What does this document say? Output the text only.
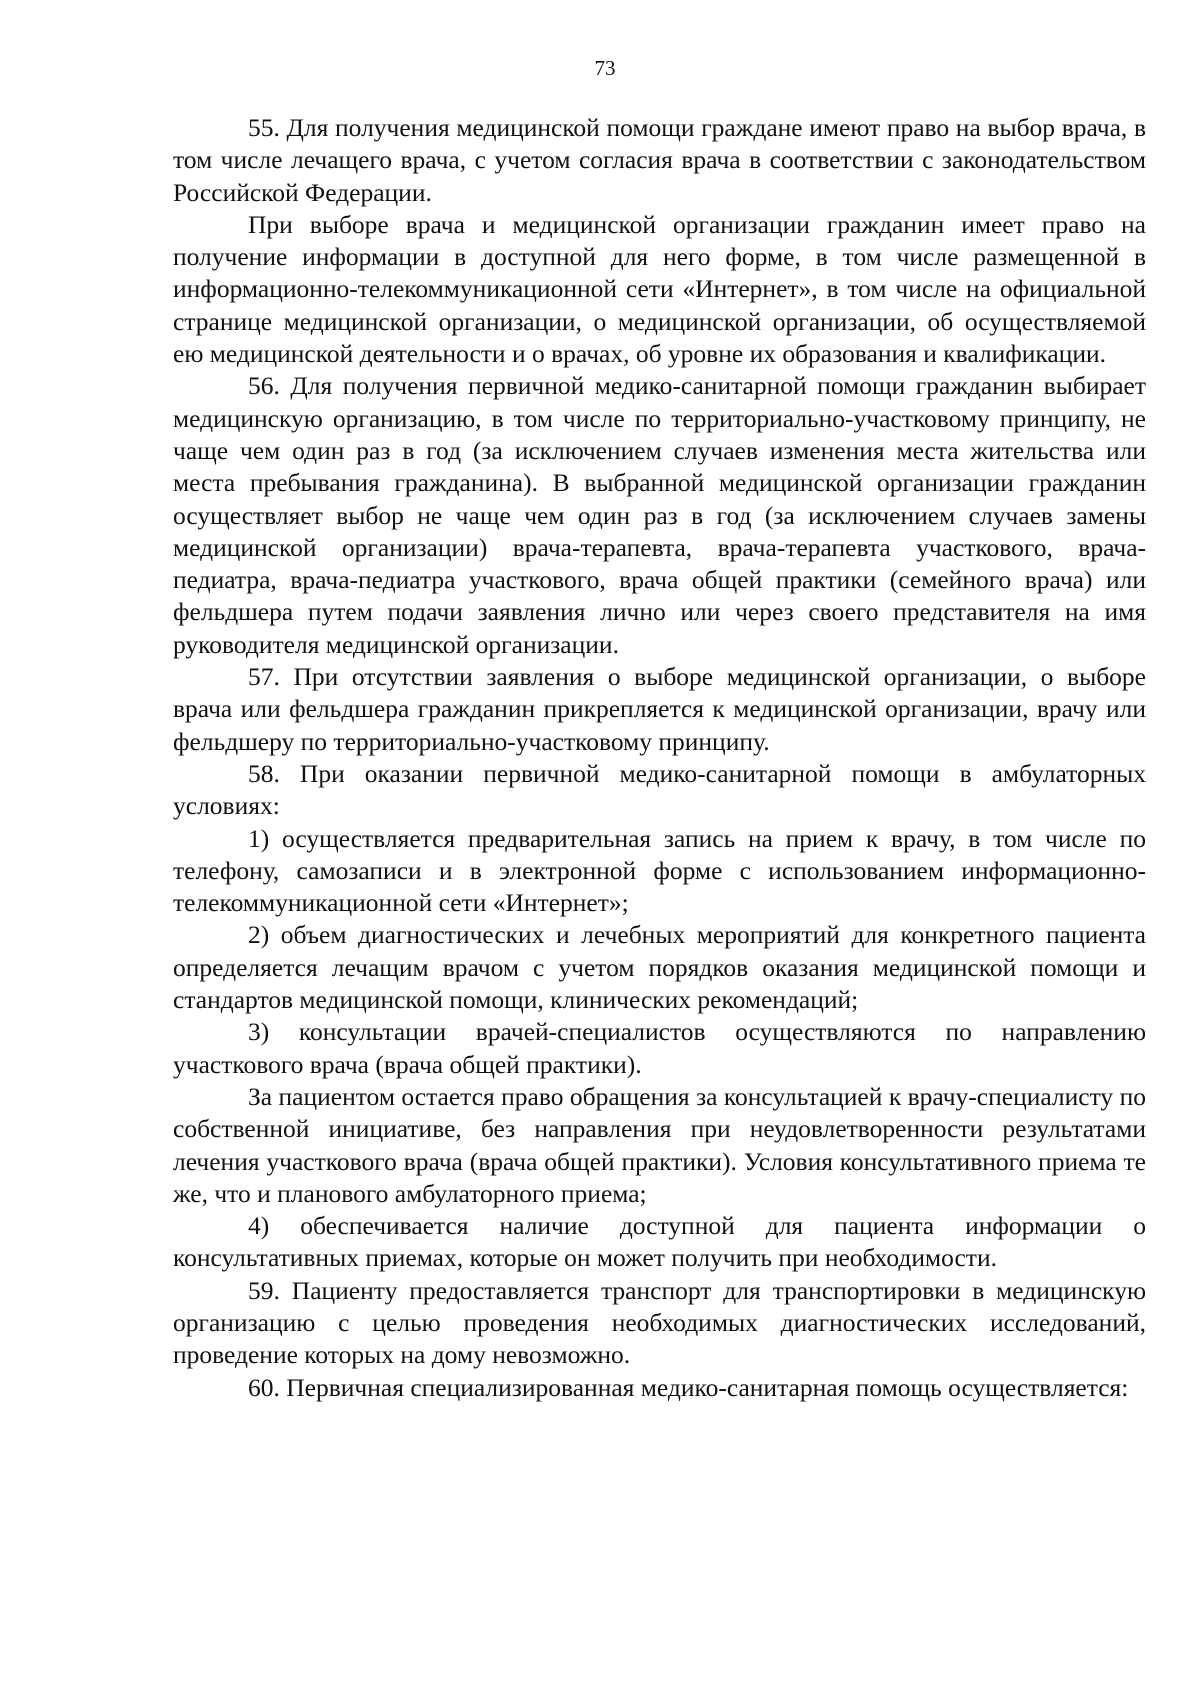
73

55. Для получения медицинской помощи граждане имеют право на выбор врача, в том числе лечащего врача, с учетом согласия врача в соответствии с законодательством Российской Федерации.

При выборе врача и медицинской организации гражданин имеет право на получение информации в доступной для него форме, в том числе размещенной в информационно-телекоммуникационной сети «Интернет», в том числе на официальной странице медицинской организации, о медицинской организации, об осуществляемой ею медицинской деятельности и о врачах, об уровне их образования и квалификации.

56. Для получения первичной медико-санитарной помощи гражданин выбирает медицинскую организацию, в том числе по территориально-участковому принципу, не чаще чем один раз в год (за исключением случаев изменения места жительства или места пребывания гражданина). В выбранной медицинской организации гражданин осуществляет выбор не чаще чем один раз в год (за исключением случаев замены медицинской организации) врача-терапевта, врача-терапевта участкового, врача-педиатра, врача-педиатра участкового, врача общей практики (семейного врача) или фельдшера путем подачи заявления лично или через своего представителя на имя руководителя медицинской организации.

57. При отсутствии заявления о выборе медицинской организации, о выборе врача или фельдшера гражданин прикрепляется к медицинской организации, врачу или фельдшеру по территориально-участковому принципу.

58. При оказании первичной медико-санитарной помощи в амбулаторных условиях:

1) осуществляется предварительная запись на прием к врачу, в том числе по телефону, самозаписи и в электронной форме с использованием информационно-телекоммуникационной сети «Интернет»;

2) объем диагностических и лечебных мероприятий для конкретного пациента определяется лечащим врачом с учетом порядков оказания медицинской помощи и стандартов медицинской помощи, клинических рекомендаций;

3) консультации врачей-специалистов осуществляются по направлению участкового врача (врача общей практики).

За пациентом остается право обращения за консультацией к врачу-специалисту по собственной инициативе, без направления при неудовлетворенности результатами лечения участкового врача (врача общей практики). Условия консультативного приема те же, что и планового амбулаторного приема;

4) обеспечивается наличие доступной для пациента информации о консультативных приемах, которые он может получить при необходимости.

59. Пациенту предоставляется транспорт для транспортировки в медицинскую организацию с целью проведения необходимых диагностических исследований, проведение которых на дому невозможно.

60. Первичная специализированная медико-санитарная помощь осуществляется:
